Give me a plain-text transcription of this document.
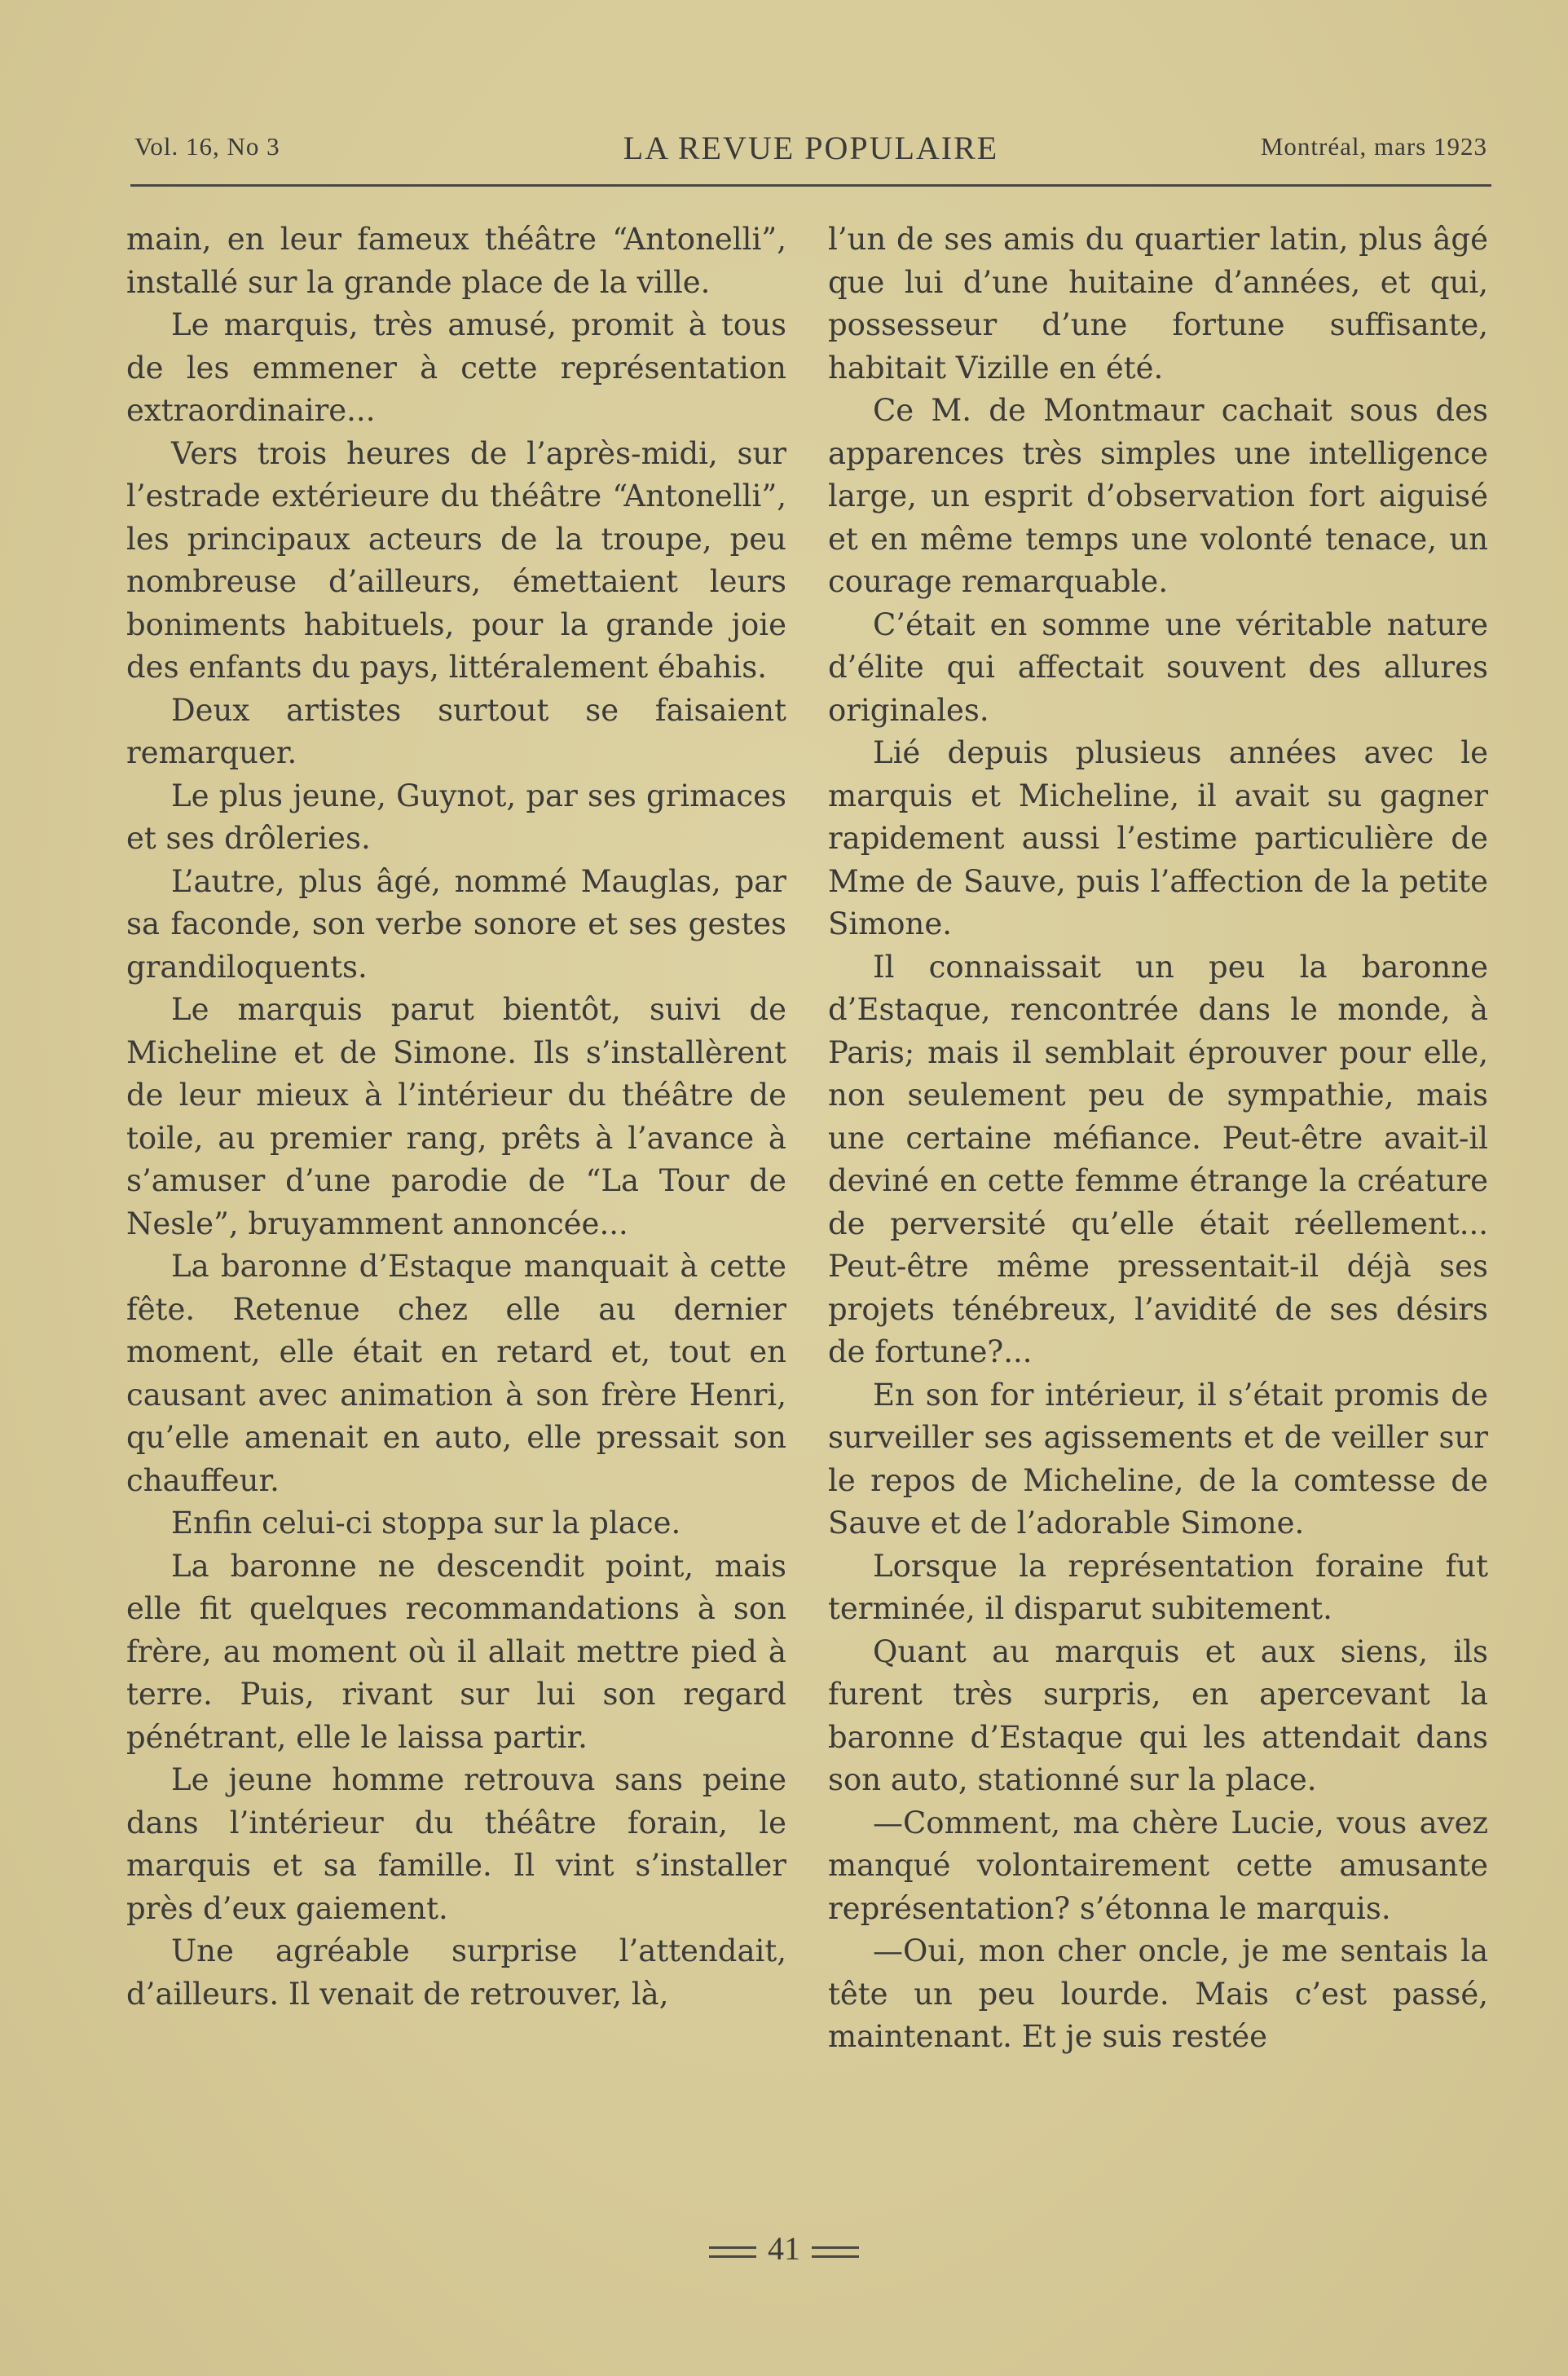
Vol. 16, No 3	LA REVUE POPULAIRE	Montréal, mars 1923

main, en leur fameux théâtre “Antonelli”, installé sur la grande place de la ville.

Le marquis, très amusé, promit à tous de les emmener à cette représentation extraordinaire...

Vers trois heures de l’après-midi, sur l’estrade extérieure du théâtre “Antonelli”, les principaux acteurs de la troupe, peu nombreuse d’ailleurs, émettaient leurs boniments habituels, pour la grande joie des enfants du pays, littéralement ébahis.

Deux artistes surtout se faisaient remarquer.

Le plus jeune, Guynot, par ses grimaces et ses drôleries.

L’autre, plus âgé, nommé Mauglas, par sa faconde, son verbe sonore et ses gestes grandiloquents.

Le marquis parut bientôt, suivi de Micheline et de Simone. Ils s’installèrent de leur mieux à l’intérieur du théâtre de toile, au premier rang, prêts à l’avance à s’amuser d’une parodie de “La Tour de Nesle”, bruyamment annoncée...

La baronne d’Estaque manquait à cette fête. Retenue chez elle au dernier moment, elle était en retard et, tout en causant avec animation à son frère Henri, qu’elle amenait en auto, elle pressait son chauffeur.

Enfin celui-ci stoppa sur la place.

La baronne ne descendit point, mais elle fit quelques recommandations à son frère, au moment où il allait mettre pied à terre. Puis, rivant sur lui son regard pénétrant, elle le laissa partir.

Le jeune homme retrouva sans peine dans l’intérieur du théâtre forain, le marquis et sa famille. Il vint s’installer près d’eux gaiement.

Une agréable surprise l’attendait, d’ailleurs. Il venait de retrouver, là,

l’un de ses amis du quartier latin, plus âgé que lui d’une huitaine d’années, et qui, possesseur d’une fortune suffisante, habitait Vizille en été.

Ce M. de Montmaur cachait sous des apparences très simples une intelligence large, un esprit d’observation fort aiguisé et en même temps une volonté tenace, un courage remarquable.

C’était en somme une véritable nature d’élite qui affectait souvent des allures originales.

Lié depuis plusieus années avec le marquis et Micheline, il avait su gagner rapidement aussi l’estime particulière de Mme de Sauve, puis l’affection de la petite Simone.

Il connaissait un peu la baronne d’Estaque, rencontrée dans le monde, à Paris; mais il semblait éprouver pour elle, non seulement peu de sympathie, mais une certaine méfiance. Peut-être avait-il deviné en cette femme étrange la créature de perversité qu’elle était réellement... Peut-être même pressentait-il déjà ses projets ténébreux, l’avidité de ses désirs de fortune?...

En son for intérieur, il s’était promis de surveiller ses agissements et de veiller sur le repos de Micheline, de la comtesse de Sauve et de l’adorable Simone.

Lorsque la représentation foraine fut terminée, il disparut subitement.

Quant au marquis et aux siens, ils furent très surpris, en apercevant la baronne d’Estaque qui les attendait dans son auto, stationné sur la place.

—Comment, ma chère Lucie, vous avez manqué volontairement cette amusante représentation? s’étonna le marquis.

—Oui, mon cher oncle, je me sentais la tête un peu lourde. Mais c’est passé, maintenant. Et je suis restée

41
